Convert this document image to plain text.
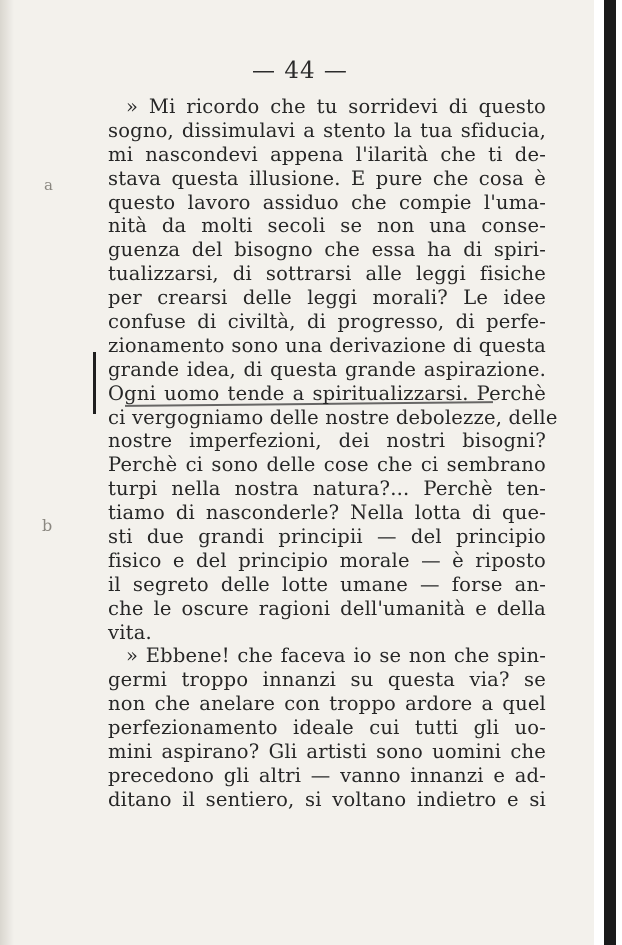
— 44 —
a
b
» Mi ricordo che tu sorridevi di questo
sogno, dissimulavi a stento la tua sfiducia,
mi nascondevi appena l'ilarità che ti de-
stava questa illusione. E pure che cosa è
questo lavoro assiduo che compie l'uma-
nità da molti secoli se non una conse-
guenza del bisogno che essa ha di spiri-
tualizzarsi, di sottrarsi alle leggi fisiche
per crearsi delle leggi morali? Le idee
confuse di civiltà, di progresso, di perfe-
zionamento sono una derivazione di questa
grande idea, di questa grande aspirazione.
Ogni uomo tende a spiritualizzarsi. Perchè
ci vergogniamo delle nostre debolezze, delle
nostre imperfezioni, dei nostri bisogni?
Perchè ci sono delle cose che ci sembrano
turpi nella nostra natura?... Perchè ten-
tiamo di nasconderle? Nella lotta di que-
sti due grandi principii — del principio
fisico e del principio morale — è riposto
il segreto delle lotte umane — forse an-
che le oscure ragioni dell'umanità e della
vita.
» Ebbene! che faceva io se non che spin-
germi troppo innanzi su questa via? se
non che anelare con troppo ardore a quel
perfezionamento ideale cui tutti gli uo-
mini aspirano? Gli artisti sono uomini che
precedono gli altri — vanno innanzi e ad-
ditano il sentiero, si voltano indietro e si
